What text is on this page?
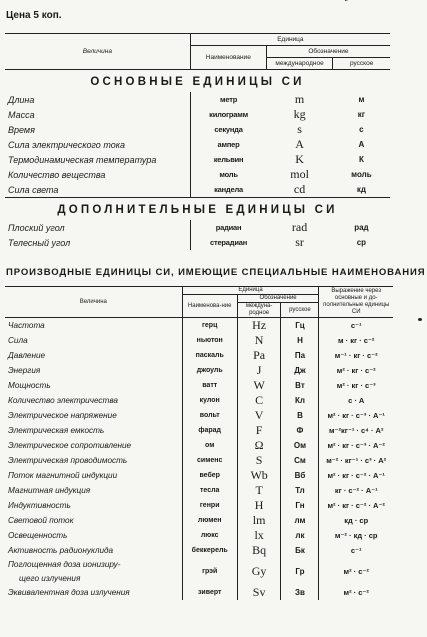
Цена 5 коп.
Величина	Единица		
	Наименование	Обозначение	
		международное	русское
ОСНОВНЫЕ ЕДИНИЦЫ СИ			
Длина	метр	m	м
Масса	килограмм	kg	кг
Время	секунда	s	с
Сила электрического тока	ампер	A	А
Термодинамическая температура	кельвин	K	К
Количество вещества	моль	mol	моль
Сила света	кандела	cd	кд
ДОПОЛНИТЕЛЬНЫЕ ЕДИНИЦЫ СИ			
Плоский угол	радиан	rad	рад
Телесный угол	стерадиан	sr	ср
ПРОИЗВОДНЫЕ ЕДИНИЦЫ СИ, ИМЕЮЩИЕ СПЕЦИАЛЬНЫЕ НАИМЕНОВАНИЯ
Величина	Единица			Выражение через основные и до-полнительные единицы СИ
	Наименова-ние	Обозначение		
		междуна-родное	русское	
Частота	герц	Hz	Гц	с⁻¹
Сила	ньютон	N	Н	м · кг · с⁻²
Давление	паскаль	Pa	Па	м⁻¹ · кг · с⁻²
Энергия	джоуль	J	Дж	м² · кг · с⁻²
Мощность	ватт	W	Вт	м² · кг · с⁻³
Количество электричества	кулон	C	Кл	с · А
Электрическое напряжение	вольт	V	В	м² · кг · с⁻³ · А⁻¹
Электрическая емкость	фарад	F	Ф	м⁻²кг⁻¹ · с⁴ · А²
Электрическое сопротивление	ом	Ω	Ом	м² · кг · с⁻³ · А⁻²
Электрическая проводимость	сименс	S	См	м⁻² · кг⁻¹ · с³ · А²
Поток магнитной индукции	вебер	Wb	Вб	м² · кг · с⁻² · А⁻¹
Магнитная индукция	тесла	T	Тл	кг · с⁻² · А⁻¹
Индуктивность	генри	H	Гн	м² · кг · с⁻² · А⁻²
Световой поток	люмен	lm	лм	кд · ср
Освещенность	люкс	lx	лк	м⁻² · кд · ср
Активность радионуклида	беккерель	Bq	Бк	с⁻¹
Поглощенная доза ионизиру-	грэй	Gy	Гр	м² · с⁻²
щего излучения				
Эквивалентная доза излучения	зиверт	Sv	Зв	м² · с⁻²
